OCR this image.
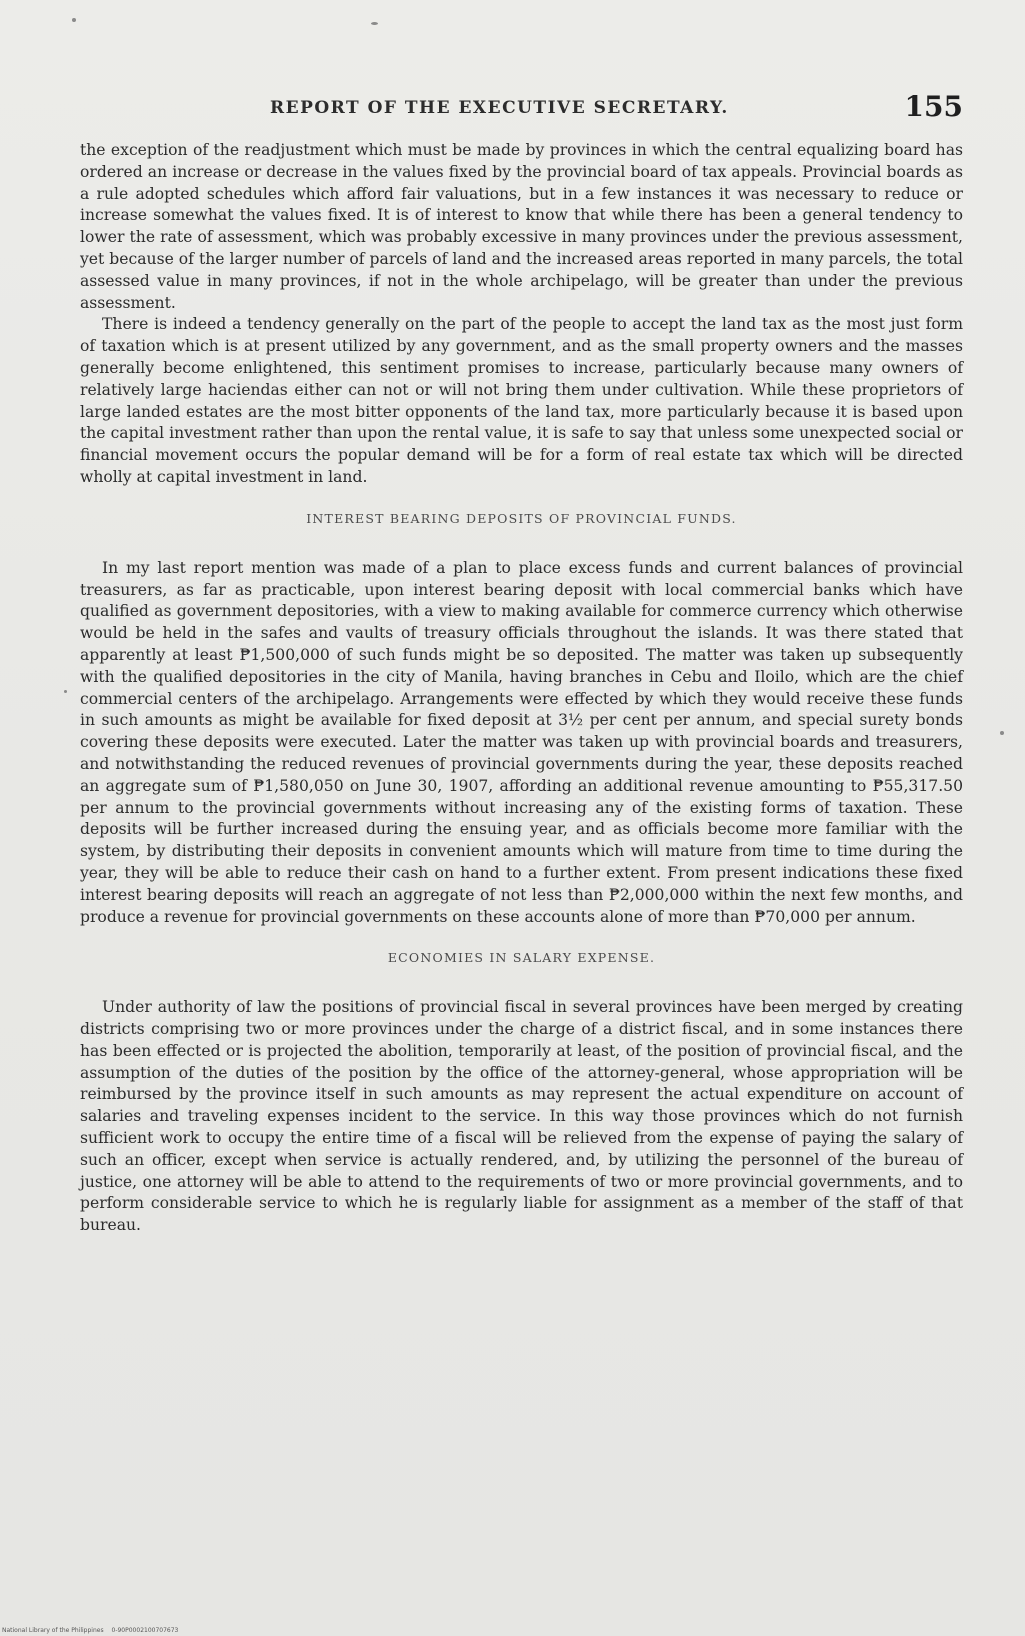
REPORT OF THE EXECUTIVE SECRETARY.	155

the exception of the readjustment which must be made by provinces in which the central equalizing board has ordered an increase or decrease in the values fixed by the provincial board of tax appeals. Provincial boards as a rule adopted schedules which afford fair valuations, but in a few instances it was necessary to reduce or increase somewhat the values fixed. It is of interest to know that while there has been a general tendency to lower the rate of assessment, which was probably excessive in many provinces under the previous assessment, yet because of the larger number of parcels of land and the increased areas reported in many parcels, the total assessed value in many provinces, if not in the whole archipelago, will be greater than under the previous assessment.

There is indeed a tendency generally on the part of the people to accept the land tax as the most just form of taxation which is at present utilized by any government, and as the small property owners and the masses generally become enlightened, this sentiment promises to increase, particularly because many owners of relatively large haciendas either can not or will not bring them under cultivation. While these proprietors of large landed estates are the most bitter opponents of the land tax, more particularly because it is based upon the capital investment rather than upon the rental value, it is safe to say that unless some unexpected social or financial movement occurs the popular demand will be for a form of real estate tax which will be directed wholly at capital investment in land.

INTEREST BEARING DEPOSITS OF PROVINCIAL FUNDS.

In my last report mention was made of a plan to place excess funds and current balances of provincial treasurers, as far as practicable, upon interest bearing deposit with local commercial banks which have qualified as government depositories, with a view to making available for commerce currency which otherwise would be held in the safes and vaults of treasury officials throughout the islands. It was there stated that apparently at least ₱1,500,000 of such funds might be so deposited. The matter was taken up subsequently with the qualified depositories in the city of Manila, having branches in Cebu and Iloilo, which are the chief commercial centers of the archipelago. Arrangements were effected by which they would receive these funds in such amounts as might be available for fixed deposit at 3½ per cent per annum, and special surety bonds covering these deposits were executed. Later the matter was taken up with provincial boards and treasurers, and notwithstanding the reduced revenues of provincial governments during the year, these deposits reached an aggregate sum of ₱1,580,050 on June 30, 1907, affording an additional revenue amounting to ₱55,317.50 per annum to the provincial governments without increasing any of the existing forms of taxation. These deposits will be further increased during the ensuing year, and as officials become more familiar with the system, by distributing their deposits in convenient amounts which will mature from time to time during the year, they will be able to reduce their cash on hand to a further extent. From present indications these fixed interest bearing deposits will reach an aggregate of not less than ₱2,000,000 within the next few months, and produce a revenue for provincial governments on these accounts alone of more than ₱70,000 per annum.

ECONOMIES IN SALARY EXPENSE.

Under authority of law the positions of provincial fiscal in several provinces have been merged by creating districts comprising two or more provinces under the charge of a district fiscal, and in some instances there has been effected or is projected the abolition, temporarily at least, of the position of provincial fiscal, and the assumption of the duties of the position by the office of the attorney-general, whose appropriation will be reimbursed by the province itself in such amounts as may represent the actual expenditure on account of salaries and traveling expenses incident to the service. In this way those provinces which do not furnish sufficient work to occupy the entire time of a fiscal will be relieved from the expense of paying the salary of such an officer, except when service is actually rendered, and, by utilizing the personnel of the bureau of justice, one attorney will be able to attend to the requirements of two or more provincial governments, and to perform considerable service to which he is regularly liable for assignment as a member of the staff of that bureau.

National Library of the Philippines 0-90P0002100707673
